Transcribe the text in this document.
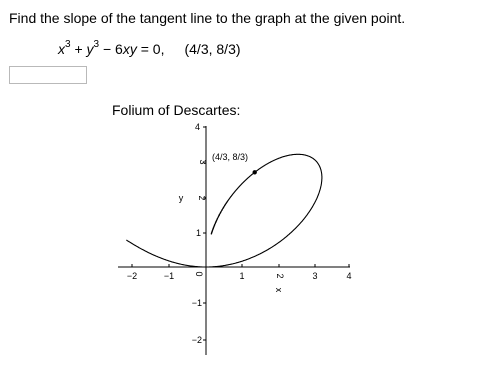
Find the slope of the tangent line to the graph at the given point.
$x^3 + y^3 - 6xy = 0$, (4/3, 8/3)
Folium of Descartes:
−2	−1 0	1	2	3	4
4
3
2
1
−1
−2
x
y
(4/3, 8/3)
